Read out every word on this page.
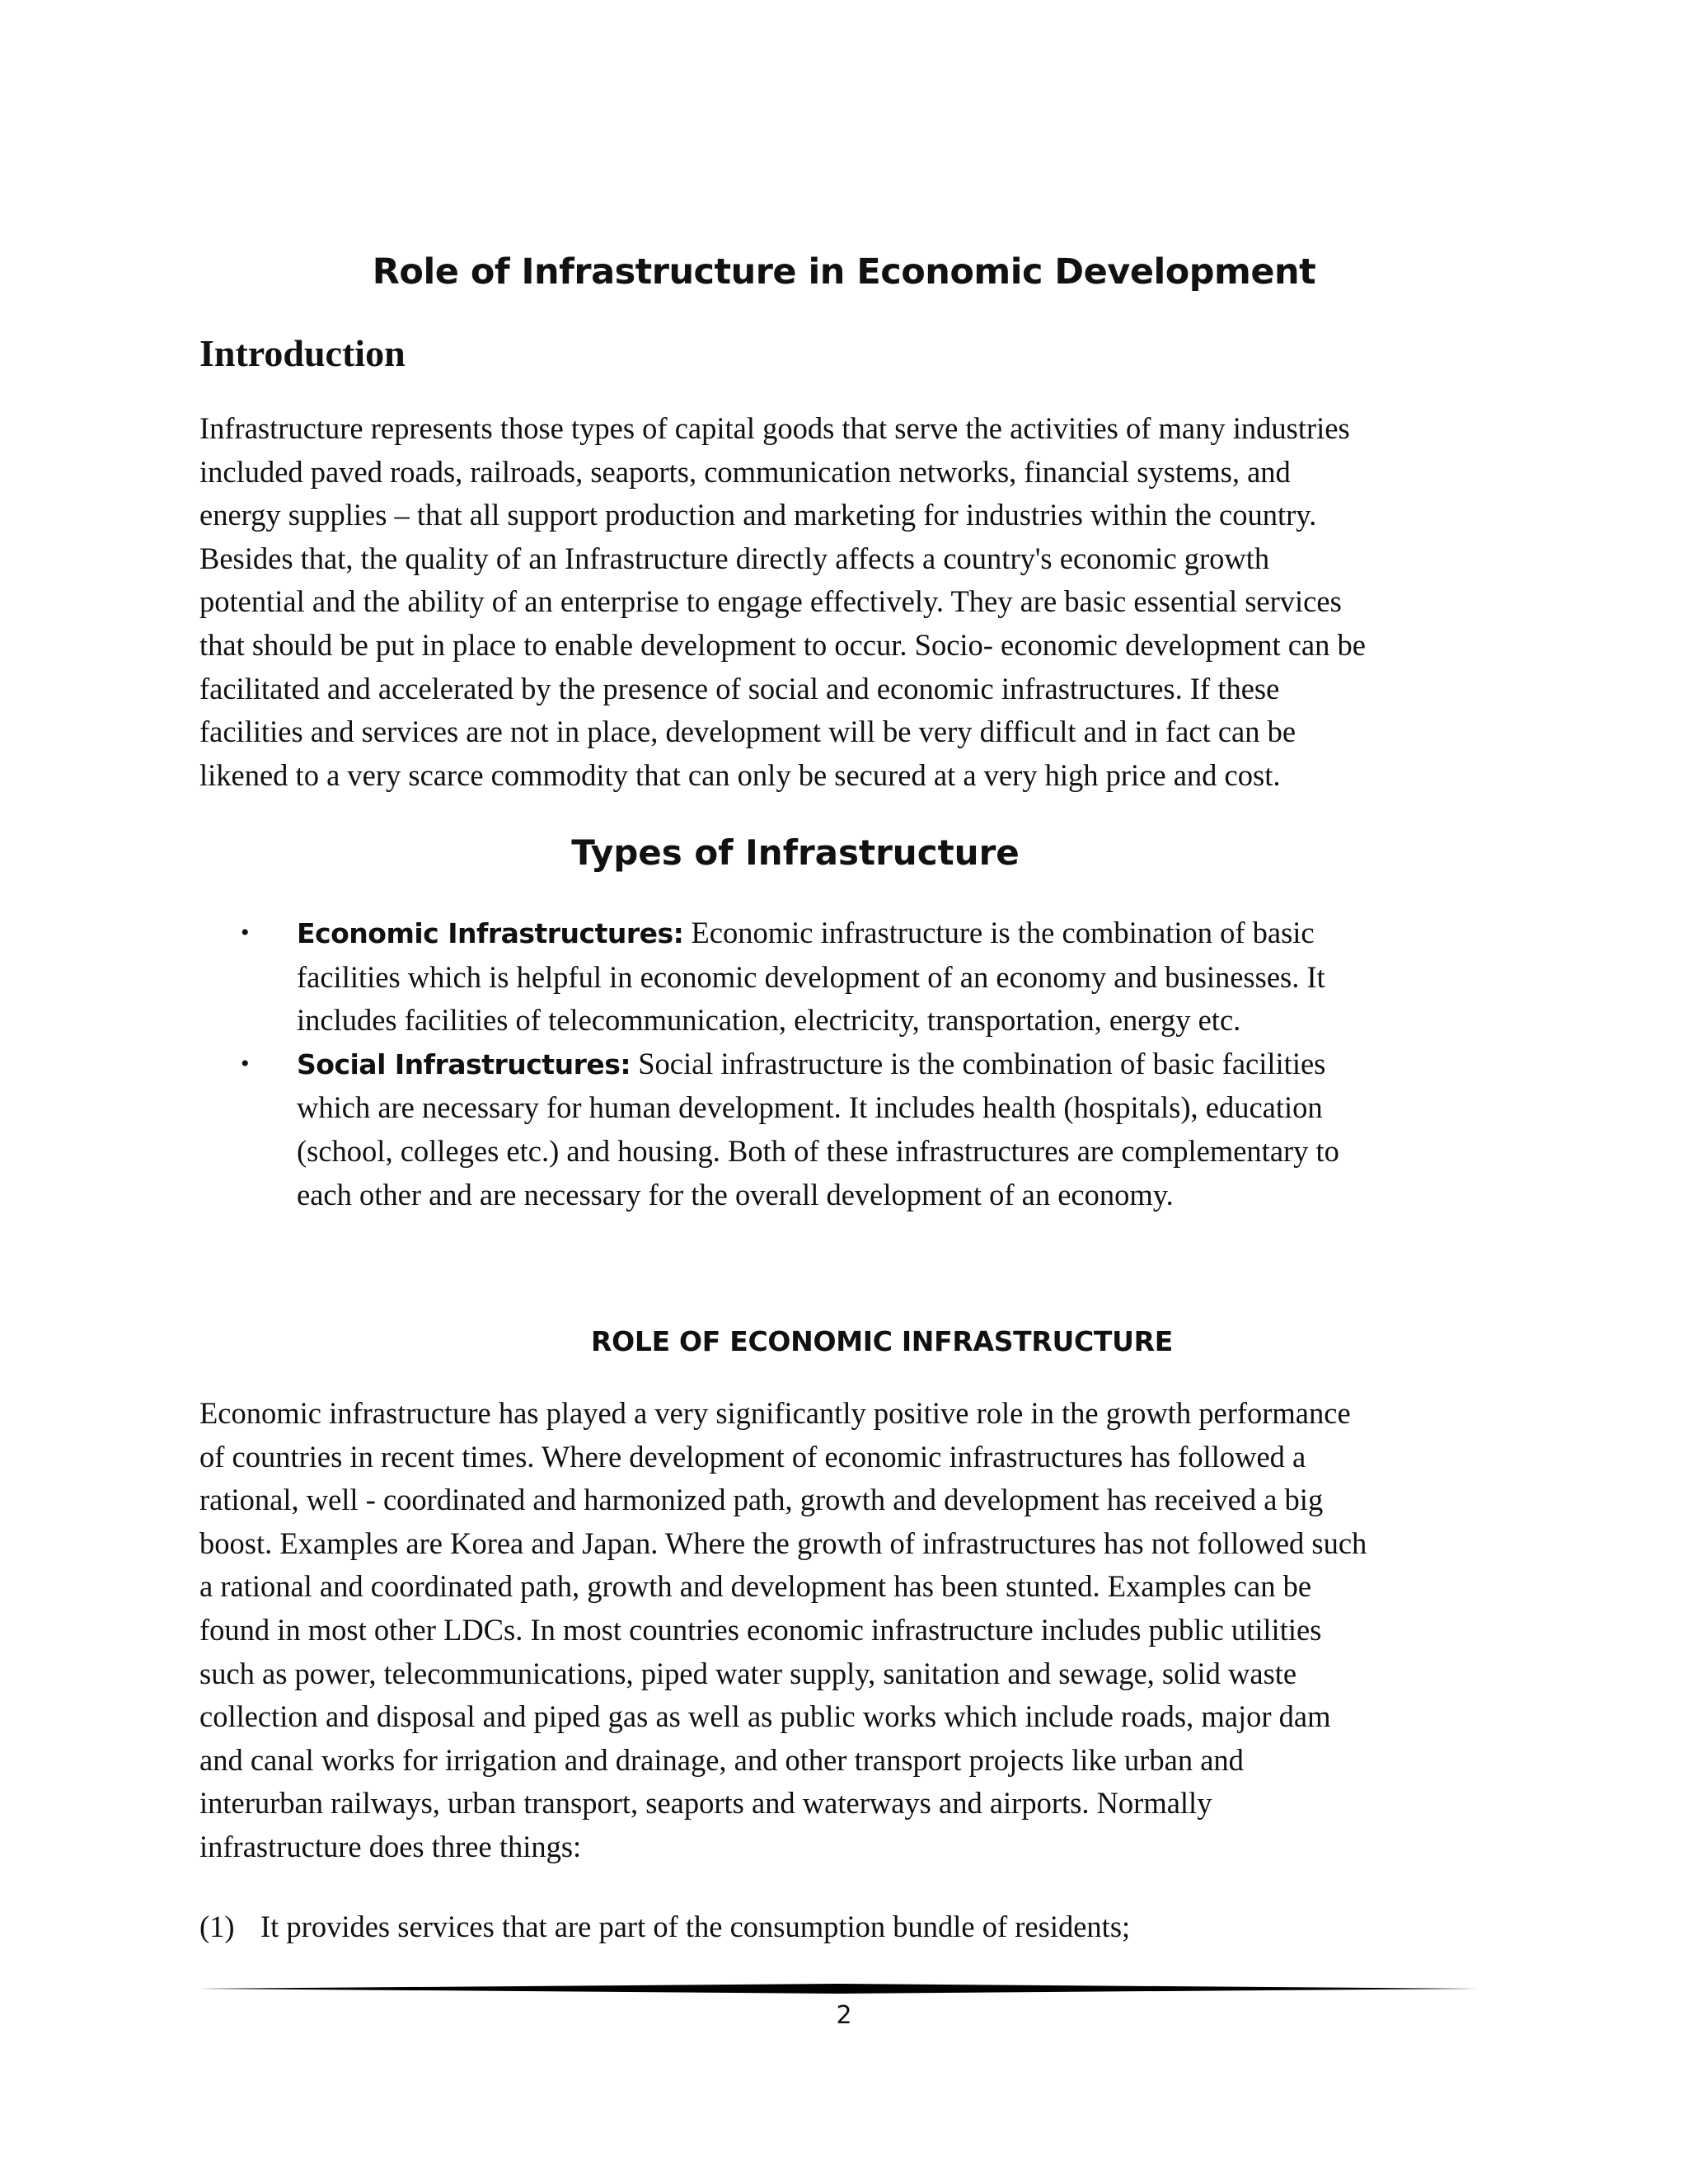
Role of Infrastructure in Economic Development
Introduction

Infrastructure represents those types of capital goods that serve the activities of many industries
included paved roads, railroads, seaports, communication networks, financial systems, and
energy supplies – that all support production and marketing for industries within the country.
Besides that, the quality of an Infrastructure directly affects a country's economic growth
potential and the ability of an enterprise to engage effectively. They are basic essential services
that should be put in place to enable development to occur. Socio- economic development can be
facilitated and accelerated by the presence of social and economic infrastructures. If these
facilities and services are not in place, development will be very difficult and in fact can be
likened to a very scarce commodity that can only be secured at a very high price and cost.

Types of Infrastructure
• Economic Infrastructures: Economic infrastructure is the combination of basic
facilities which is helpful in economic development of an economy and businesses. It
includes facilities of telecommunication, electricity, transportation, energy etc.
• Social Infrastructures: Social infrastructure is the combination of basic facilities
which are necessary for human development. It includes health (hospitals), education
(school, colleges etc.) and housing. Both of these infrastructures are complementary to
each other and are necessary for the overall development of an economy.
ROLE OF ECONOMIC INFRASTRUCTURE

Economic infrastructure has played a very significantly positive role in the growth performance
of countries in recent times. Where development of economic infrastructures has followed a
rational, well - coordinated and harmonized path, growth and development has received a big
boost. Examples are Korea and Japan. Where the growth of infrastructures has not followed such
a rational and coordinated path, growth and development has been stunted. Examples can be
found in most other LDCs. In most countries economic infrastructure includes public utilities
such as power, telecommunications, piped water supply, sanitation and sewage, solid waste
collection and disposal and piped gas as well as public works which include roads, major dam
and canal works for irrigation and drainage, and other transport projects like urban and
interurban railways, urban transport, seaports and waterways and airports. Normally
infrastructure does three things:

(1) It provides services that are part of the consumption bundle of residents;

2
